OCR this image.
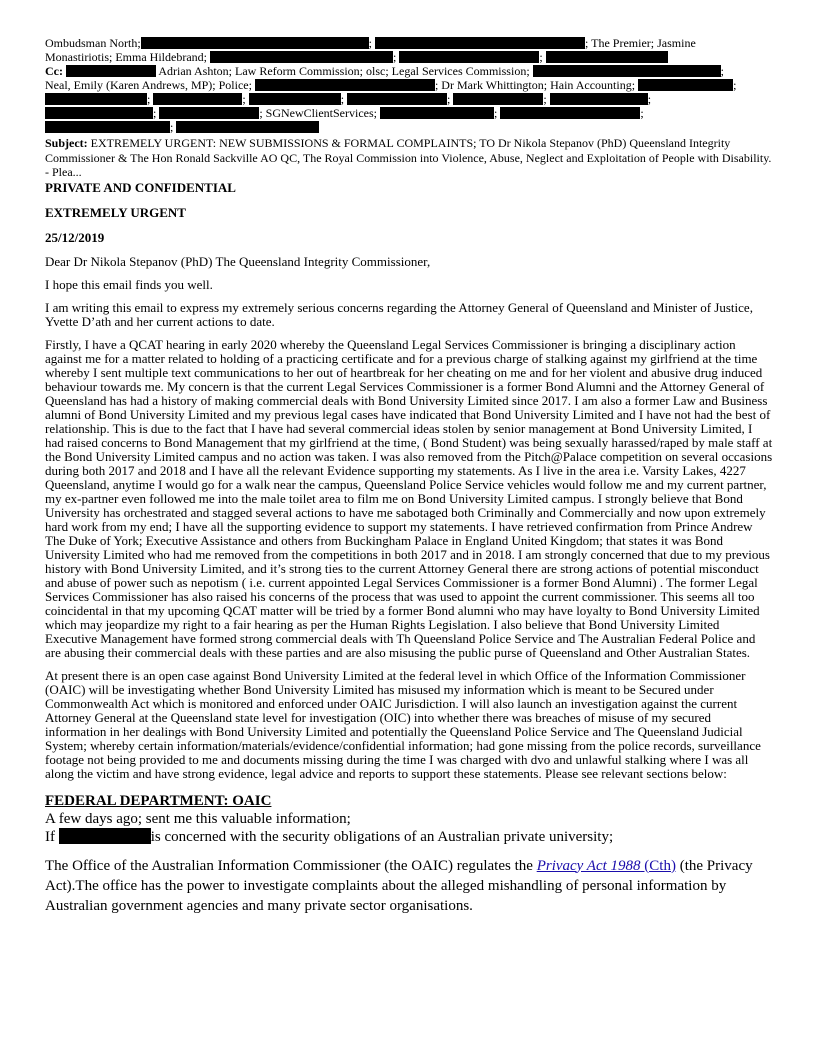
Ombudsman North;	;	; The Premier; Jasmine
Monastiriotis; Emma Hildebrand;	;	;

Cc:	Adrian Ashton; Law Reform Commission; olsc; Legal Services Commission;	;
Neal, Emily (Karen Andrews, MP); Police;	; Dr Mark Whittington; Hain Accounting;	;
;	;	;	;	;	;
;	; SGNewClientServices;	;	;
;

Subject: EXTREMELY URGENT: NEW SUBMISSIONS & FORMAL COMPLAINTS; TO Dr Nikola Stepanov (PhD) Queensland Integrity Commissioner & The Hon Ronald Sackville AO QC, The Royal Commission into Violence, Abuse, Neglect and Exploitation of People with Disability. - Plea...

PRIVATE AND CONFIDENTIAL

EXTREMELY URGENT

25/12/2019

Dear Dr Nikola Stepanov (PhD) The Queensland Integrity Commissioner,

I hope this email finds you well.

I am writing this email to express my extremely serious concerns regarding the Attorney General of Queensland and Minister of Justice, Yvette D’ath and her current actions to date.

Firstly, I have a QCAT hearing in early 2020 whereby the Queensland Legal Services Commissioner is bringing a disciplinary action against me for a matter related to holding of a practicing certificate and for a previous charge of stalking against my girlfriend at the time whereby I sent multiple text communications to her out of heartbreak for her cheating on me and for her violent and abusive drug induced behaviour towards me. My concern is that the current Legal Services Commissioner is a former Bond Alumni and the Attorney General of Queensland has had a history of making commercial deals with Bond University Limited since 2017. I am also a former Law and Business alumni of Bond University Limited and my previous legal cases have indicated that Bond University Limited and I have not had the best of relationship. This is due to the fact that I have had several commercial ideas stolen by senior management at Bond University Limited, I had raised concerns to Bond Management that my girlfriend at the time, ( Bond Student) was being sexually harassed/raped by male staff at the Bond University Limited campus and no action was taken. I was also removed from the Pitch@Palace competition on several occasions during both 2017 and 2018 and I have all the relevant Evidence supporting my statements. As I live in the area i.e. Varsity Lakes, 4227 Queensland, anytime I would go for a walk near the campus, Queensland Police Service vehicles would follow me and my current partner, my ex-partner even followed me into the male toilet area to film me on Bond University Limited campus. I strongly believe that Bond University has orchestrated and stagged several actions to have me sabotaged both Criminally and Commercially and now upon extremely hard work from my end; I have all the supporting evidence to support my statements. I have retrieved confirmation from Prince Andrew The Duke of York; Executive Assistance and others from Buckingham Palace in England United Kingdom; that states it was Bond University Limited who had me removed from the competitions in both 2017 and in 2018. I am strongly concerned that due to my previous history with Bond University Limited, and it’s strong ties to the current Attorney General there are strong actions of potential misconduct and abuse of power such as nepotism ( i.e. current appointed Legal Services Commissioner is a former Bond Alumni) . The former Legal Services Commissioner has also raised his concerns of the process that was used to appoint the current commissioner. This seems all too coincidental in that my upcoming QCAT matter will be tried by a former Bond alumni who may have loyalty to Bond University Limited which may jeopardize my right to a fair hearing as per the Human Rights Legislation. I also believe that Bond University Limited Executive Management have formed strong commercial deals with Th Queensland Police Service and The Australian Federal Police and are abusing their commercial deals with these parties and are also misusing the public purse of Queensland and Other Australian States.

At present there is an open case against Bond University Limited at the federal level in which Office of the Information Commissioner (OAIC) will be investigating whether Bond University Limited has misused my information which is meant to be Secured under Commonwealth Act which is monitored and enforced under OAIC Jurisdiction. I will also launch an investigation against the current Attorney General at the Queensland state level for investigation (OIC) into whether there was breaches of misuse of my secured information in her dealings with Bond University Limited and potentially the Queensland Police Service and The Queensland Judicial System; whereby certain information/materials/evidence/confidential information; had gone missing from the police records, surveillance footage not being provided to me and documents missing during the time I was charged with dvo and unlawful stalking where I was all along the victim and have strong evidence, legal advice and reports to support these statements. Please see relevant sections below:

FEDERAL DEPARTMENT: OAIC

A few days ago; sent me this valuable information;
If	is concerned with the security obligations of an Australian private university;

The Office of the Australian Information Commissioner (the OAIC) regulates the Privacy Act 1988 (Cth) (the Privacy Act).The office has the power to investigate complaints about the alleged mishandling of personal information by Australian government agencies and many private sector organisations.
